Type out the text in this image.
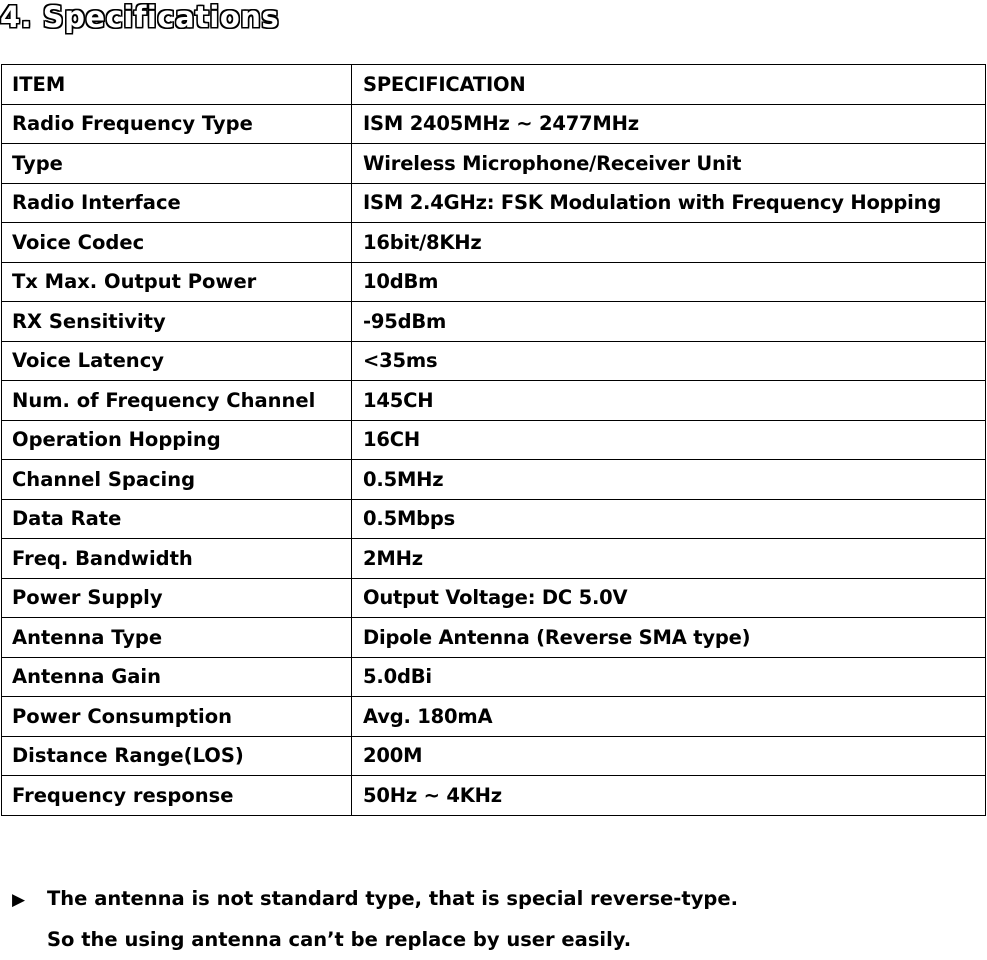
4. Specifications
ITEM	SPECIFICATION
Radio Frequency Type	ISM 2405MHz ~ 2477MHz
Type	Wireless Microphone/Receiver Unit
Radio Interface	ISM 2.4GHz: FSK Modulation with Frequency Hopping
Voice Codec	16bit/8KHz
Tx Max. Output Power	10dBm
RX Sensitivity	-95dBm
Voice Latency	<35ms
Num. of Frequency Channel	145CH
Operation Hopping	16CH
Channel Spacing	0.5MHz
Data Rate	0.5Mbps
Freq. Bandwidth	2MHz
Power Supply	Output Voltage: DC 5.0V
Antenna Type	Dipole Antenna (Reverse SMA type)
Antenna Gain	5.0dBi
Power Consumption	Avg. 180mA
Distance Range(LOS)	200M
Frequency response	50Hz ~ 4KHz
▶ The antenna is not standard type, that is special reverse-type.
So the using antenna can’t be replace by user easily.
